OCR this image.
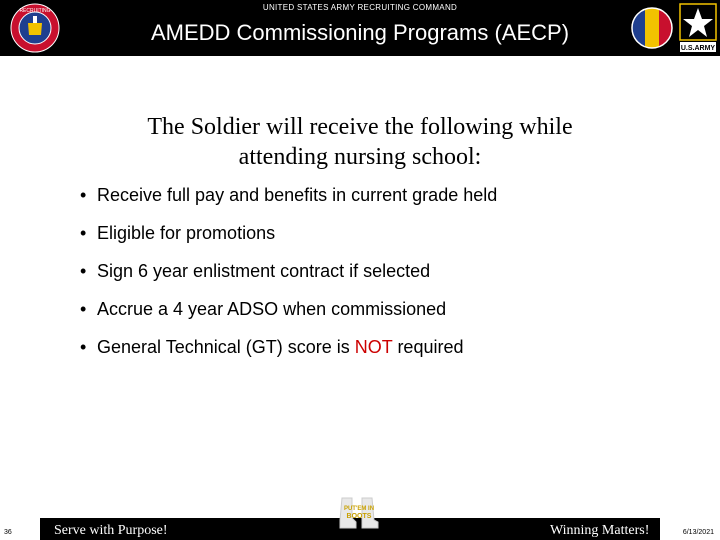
RECRUITING	UNITED STATES ARMY RECRUITING COMMAND
AMEDD Commissioning Programs (AECP)
U.S.ARMY
The Soldier will receive the following while
attending nursing school:
• Receive full pay and benefits in current grade held
• Eligible for promotions
• Sign 6 year enlistment contract if selected
• Accrue a 4 year ADSO when commissioned
• General Technical (GT) score is NOT required
36	Serve with Purpose!	Winning Matters!	6/13/2021
PUT'EM IN
BOOTS
